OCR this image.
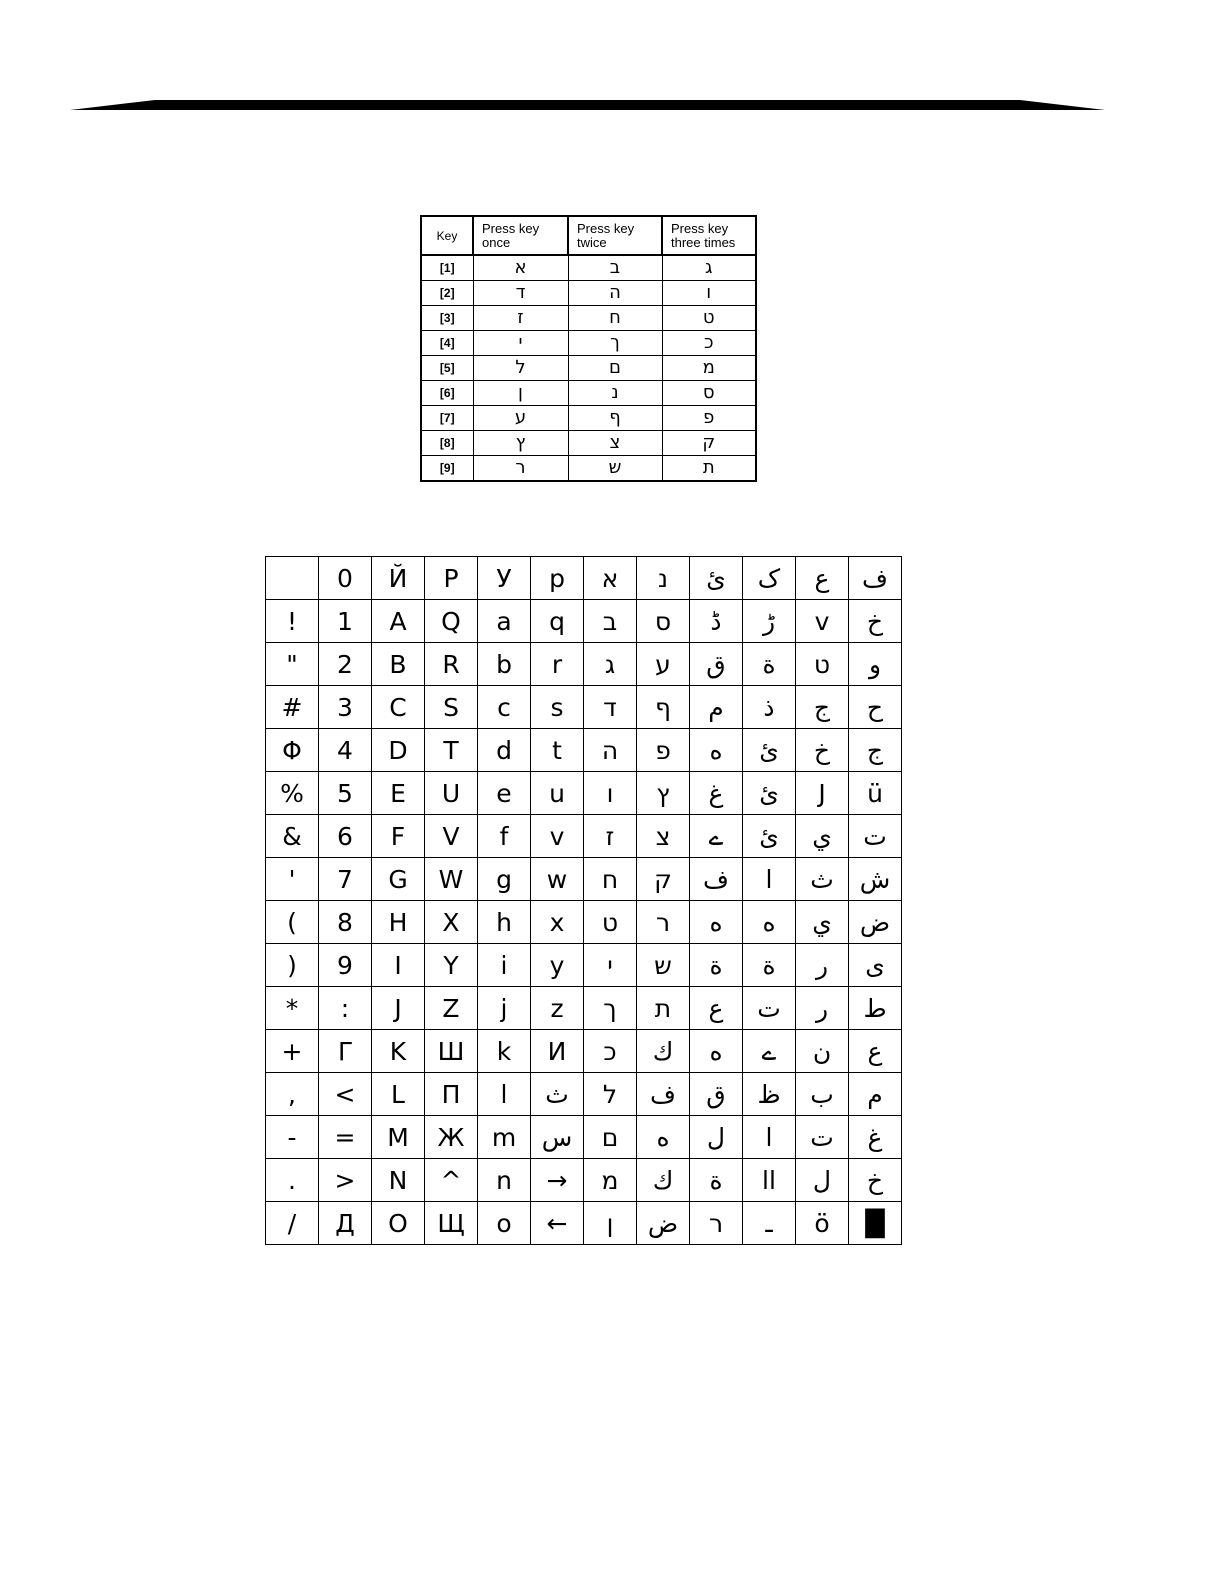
Key	Press key once	Press key twice	Press key three times
[1]	א	ב	ג
[2]	ד	ה	ו
[3]	ז	ח	ט
[4]	י	ך	כ
[5]	ל	ם	מ
[6]	ן	נ	ס
[7]	ע	ף	פ
[8]	ץ	צ	ק
[9]	ר	ש	ת
	0	Й	P	У	p	א	נ	ئ	ک	ع	ف
!	1	A	Q	a	q	ב	ס	ڈ	ڑ	v	خ
"	2	B	R	b	r	ג	ע	ق	ة	ט	و
#	3	C	S	c	s	ד	ף	م	ذ	ج	ح
Φ	4	D	T	d	t	ה	פ	ه	ئ	خ	ج
%	5	E	U	e	u	ו	ץ	غ	ئ	J	ü
&	6	F	V	f	v	ז	צ	ے	ئ	ي	ت
'	7	G	W	g	w	ח	ק	ف	ا	ث	ش
(	8	H	X	h	x	ט	ר	ه	ه	ي	ض
)	9	I	Y	i	y	י	ש	ة	ة	ر	ى
*	:	J	Z	j	z	ך	ת	ع	ت	ر	ط
+	Γ	K	Ш	k	И	כ	ك	ه	ے	ن	ع
,	<	L	П	l	ث	ל	ف	ق	ظ	ب	م
-	=	M	Ж	m	س	ם	ه	ل	ا	ت	غ
.	>	N	^	n	→	מ	ك	ة	اا	ل	خ
/	Д	O	Щ	o	←	ן	ض	ר	ـ	ö	█
